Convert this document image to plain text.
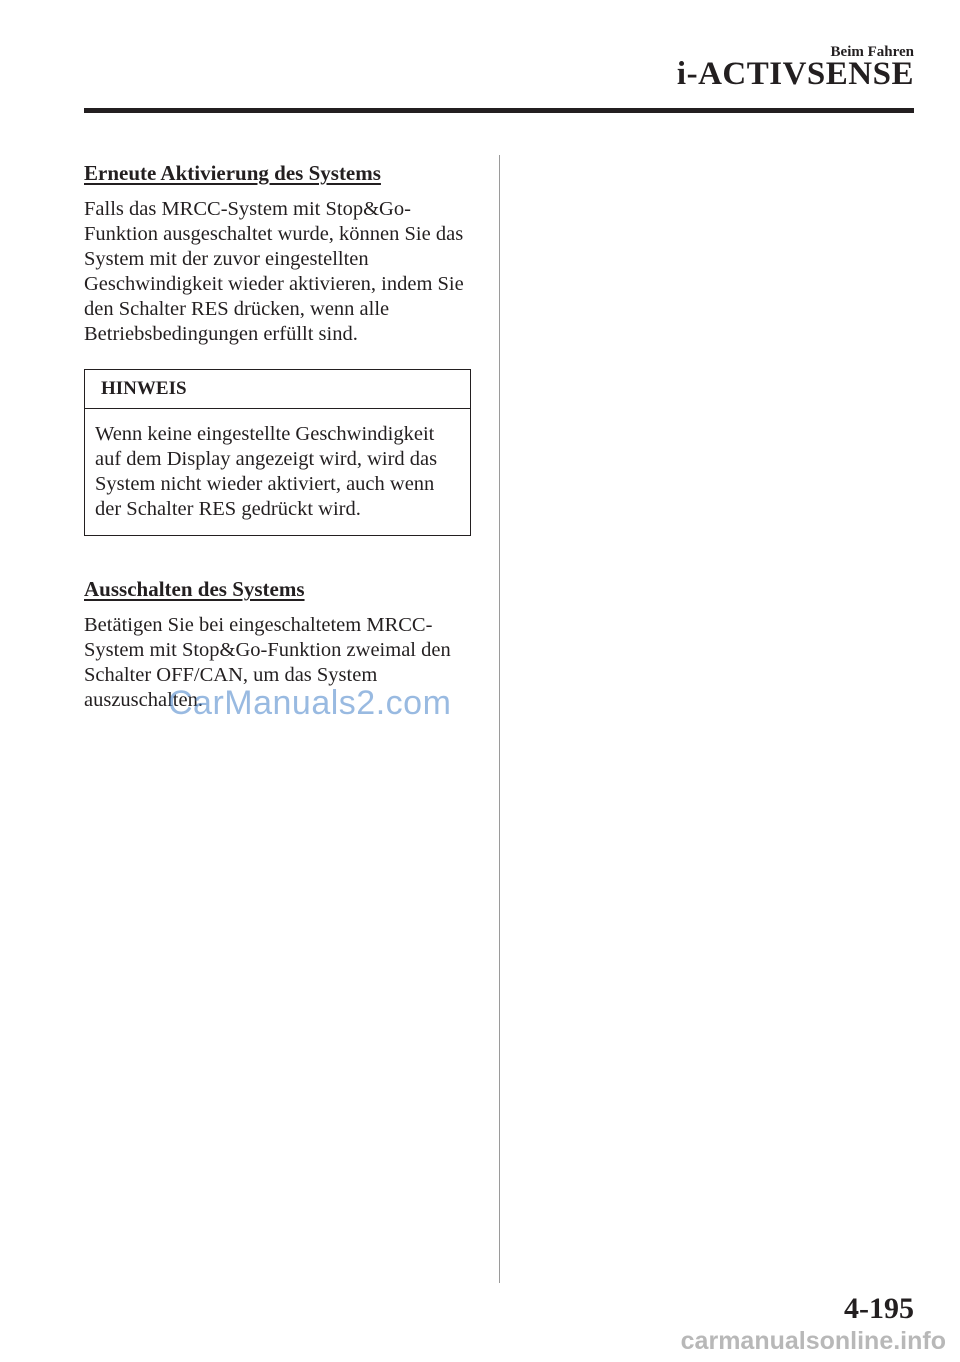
Beim Fahren
i-ACTIVSENSE
Erneute Aktivierung des Systems

Falls das MRCC-System mit Stop&Go-Funktion ausgeschaltet wurde, können Sie das System mit der zuvor eingestellten Geschwindigkeit wieder aktivieren, indem Sie den Schalter RES drücken, wenn alle Betriebsbedingungen erfüllt sind.

HINWEIS
Wenn keine eingestellte Geschwindigkeit auf dem Display angezeigt wird, wird das System nicht wieder aktiviert, auch wenn der Schalter RES gedrückt wird.
Ausschalten des Systems

Betätigen Sie bei eingeschaltetem MRCC-System mit Stop&Go-Funktion zweimal den Schalter OFF/CAN, um das System auszuschalten.

CarManuals2.com
4-195
carmanualsonline.info
